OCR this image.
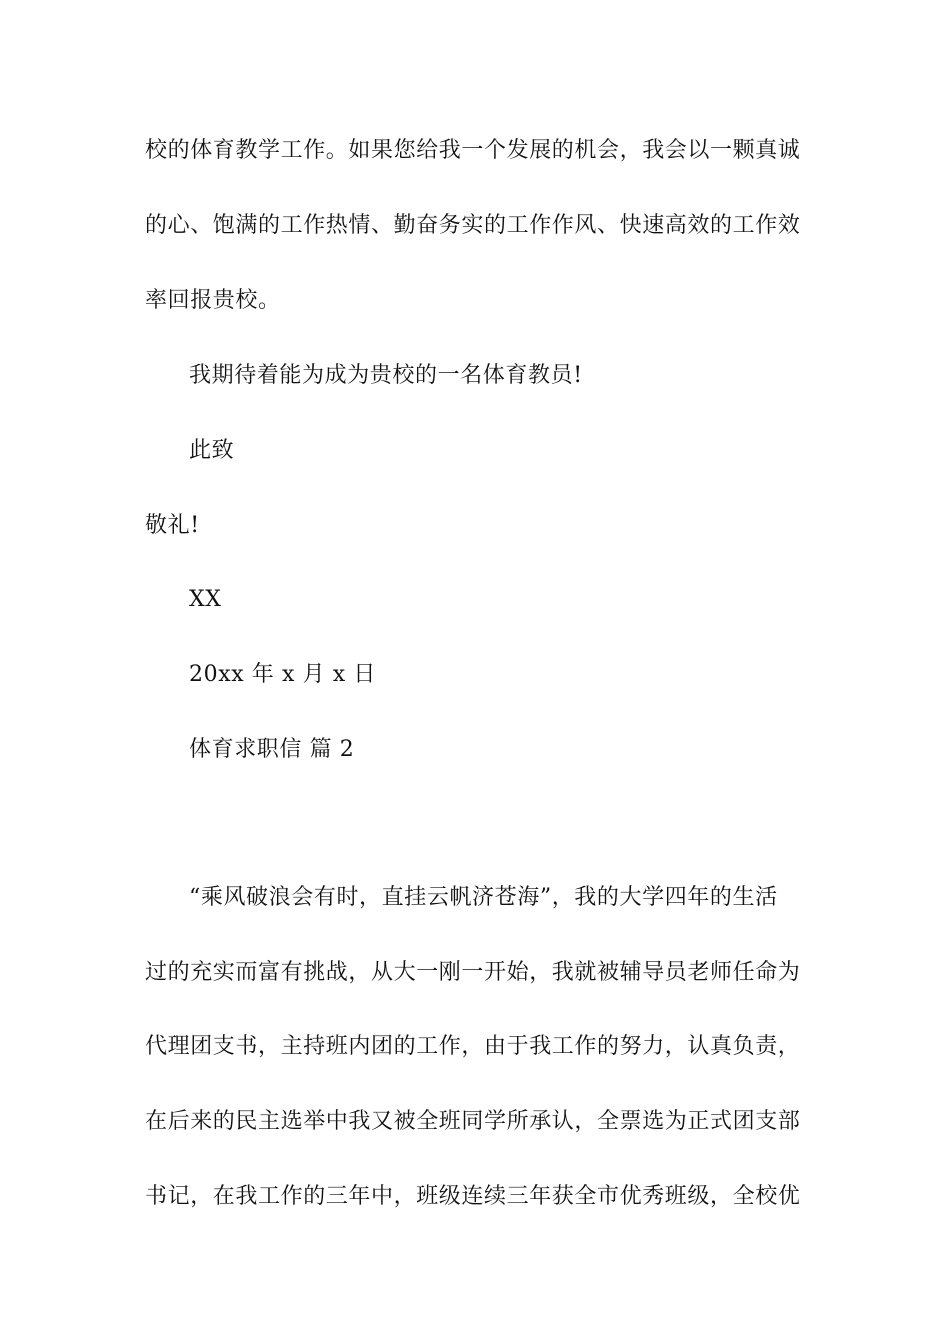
校的体育教学工作。如果您给我一个发展的机会，我会以一颗真诚
的心、饱满的工作热情、勤奋务实的工作作风、快速高效的工作效
率回报贵校。
我期待着能为成为贵校的一名体育教员!
此致
敬礼!
XX
20xx 年 x 月 x 日
体育求职信 篇 2
“乘风破浪会有时，直挂云帆济苍海”，我的大学四年的生活
过的充实而富有挑战，从大一刚一开始，我就被辅导员老师任命为
代理团支书，主持班内团的工作，由于我工作的努力，认真负责，
在后来的民主选举中我又被全班同学所承认，全票选为正式团支部
书记，在我工作的三年中，班级连续三年获全市优秀班级，全校优
